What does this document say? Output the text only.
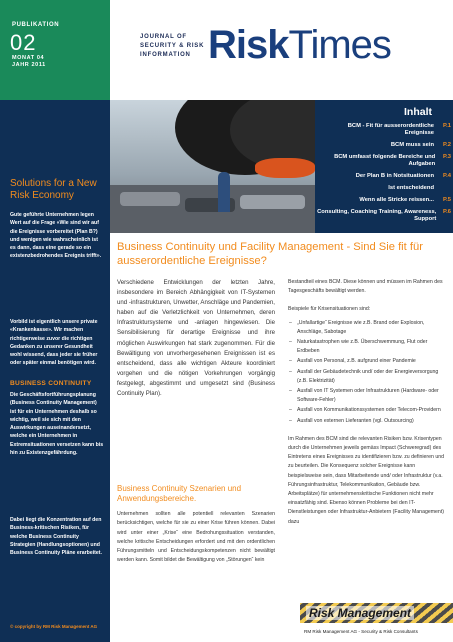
PUBLIKATION
02
MONAT 04
JAHR 2011
JOURNAL OF
SECURITY & RISK
INFORMATION RiskTimes
Solutions for a New Risk Economy
Gute geführte Unternehmen legen Wert auf die Frage «Wie sind wir auf die Ereignisse vorbereitet (Plan B?) und wenigen wie wahrscheinlich ist es dann, dass eine gerade so ein existenzbedrohendes Ereignis trifft».
Vorbild ist eigentlich unsere private «Krankenkasse». Wir machen richtigerweise zuvor die richtigen Gedanken zu unserer Gesundheit wohl wissend, dass jeder sie früher oder später einmal benötigen wird.
BUSINESS CONTINUITY
Die Geschäftsfortführungsplanung (Business Continuity Management) ist für ein Unternehmen deshalb so wichtig, weil sie sich mit den Auswirkungen auseinandersetzt, welche ein Unternehmen in Extremsituationen versetzen kann bis hin zu Existenzgefährdung.
Dabei liegt die Konzentration auf den Business-kritischen Risiken, für welche Business Continuity Strategien (Handlungsoptionen) und Business Continuity Pläne erarbeitet.
© copyright by RM Risk Management AG
Inhalt
BCM - Fit für ausserordentliche Ereignisse
P.1
BCM muss sein	P.2
BCM umfasst folgende Bereiche und Aufgaben
P.3
Der Plan B in Notsituationen	P.4
Ist entscheidend
Wenn alle Stricke reissen...	P.5
Consulting, Coaching Training, Awareness, Support
P.6
Business Continuity und Facility Management - Sind Sie fit für ausserordentliche Ereignisse?
Verschiedene Entwicklungen der letzten Jahre, insbesondere im Bereich Abhängigkeit von IT-Systemen und -infrastrukturen, Unwetter, Anschläge und Pandemien, haben auf die Verletzlichkeit von Unternehmen, deren Infrastruktursysteme und -anlagen hingewiesen. Die Sensibilisierung für derartige Ereignisse und ihre möglichen Auswirkungen hat stark zugenommen. Für die Bewältigung von unvorhergesehenen Ereignissen ist es entscheidend, dass alle wichtigen Akteure koordiniert vorgehen und die nötigen Vorkehrungen vorgängig festgelegt, abgestimmt und umgesetzt sind (Business Continuity Plan).
Business Continuity Szenarien und Anwendungsbereiche.
Unternehmen sollten alle potentiell relevanten Szenarien berücksichtigen, welche für sie zu einer Krise führen können. Dabei wird unter einer „Krise“ eine Bedrohungssituation verstanden, welche kritische Entscheidungen erfordert und mit den ordentlichen Führungsmitteln und Entscheidungskompetenzen nicht bewältigt werden kann. Somit bildet die Bewältigung von „Störungen“ kein

Bestandteil eines BCM. Diese können und müssen im Rahmen des Tagesgeschäfts bewältigt werden.

Beispiele für Krisensituationen sind:

– „Unfallartige“ Ereignisse wie z.B. Brand oder Explosion, Anschläge, Sabotage
– Naturkatastrophen wie z.B. Überschwemmung, Flut oder Erdbeben
– Ausfall von Personal, z.B. aufgrund einer Pandemie
– Ausfall der Gebäudetechnik und/ oder der Energieversorgung (z.B. Elektrizität)
– Ausfall von IT Systemen oder Infrastrukturen (Hardware- oder Software-Fehler)
– Ausfall von Kommunikationssystemen oder Telecom-Providern
– Ausfall von externen Lieferanten (vgl. Outsourcing)

Im Rahmen des BCM sind die relevanten Risiken bzw. Krisentypen durch die Unternehmen jeweils gemäss Impact (Schweregrad) des Eintretens eines Ereignisses zu identifizieren bzw. zu definieren und zu beurteilen. Die Konsequenz solcher Ereignisse kann beispielsweise sein, dass Mitarbeitende und/ oder Infrastruktur (v.a. Führungsinfrastruktur, Telekommunikation, Gebäude bzw. Arbeitsplätze) für unternehmenskritische Funktionen nicht mehr einsatzfähig sind. Ebenso können Probleme bei den IT-Dienstleistungen oder Infrastruktur-Anbietern (Facility Management) dazu

Risk Management
RM Risk Management AG - Security & Risk Consultants
